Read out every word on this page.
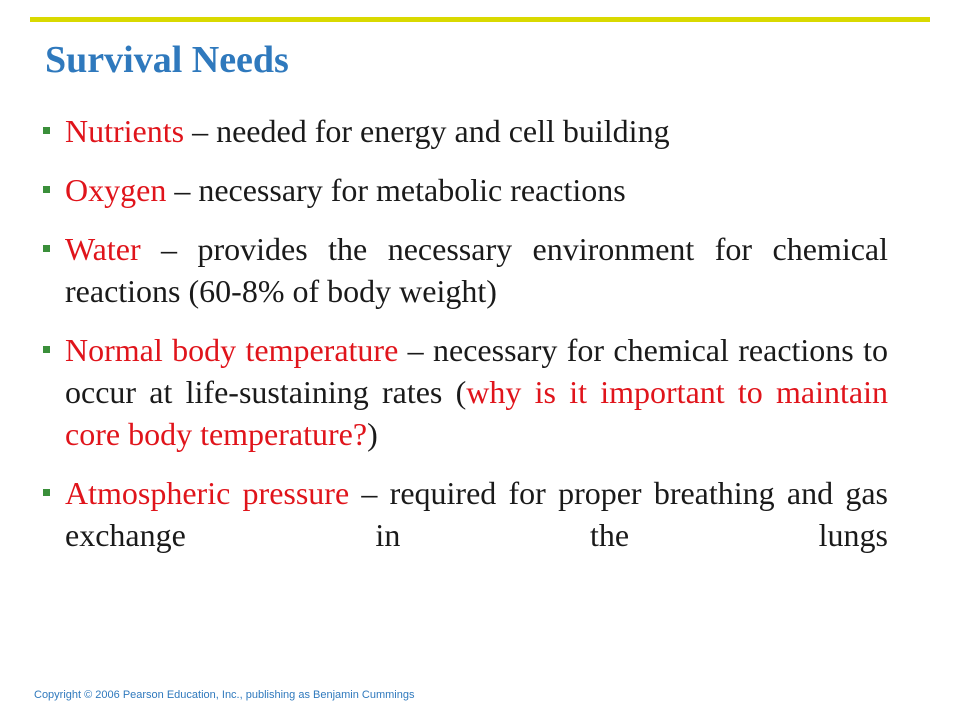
Survival Needs
Nutrients – needed for energy and cell building
Oxygen – necessary for metabolic reactions
Water – provides the necessary environment for chemical reactions (60-8% of body weight)
Normal body temperature – necessary for chemical reactions to occur at life-sustaining rates (why is it important to maintain core body temperature?)
Atmospheric pressure – required for proper breathing and gas exchange in the lungs

Copyright © 2006 Pearson Education, Inc., publishing as Benjamin Cummings
